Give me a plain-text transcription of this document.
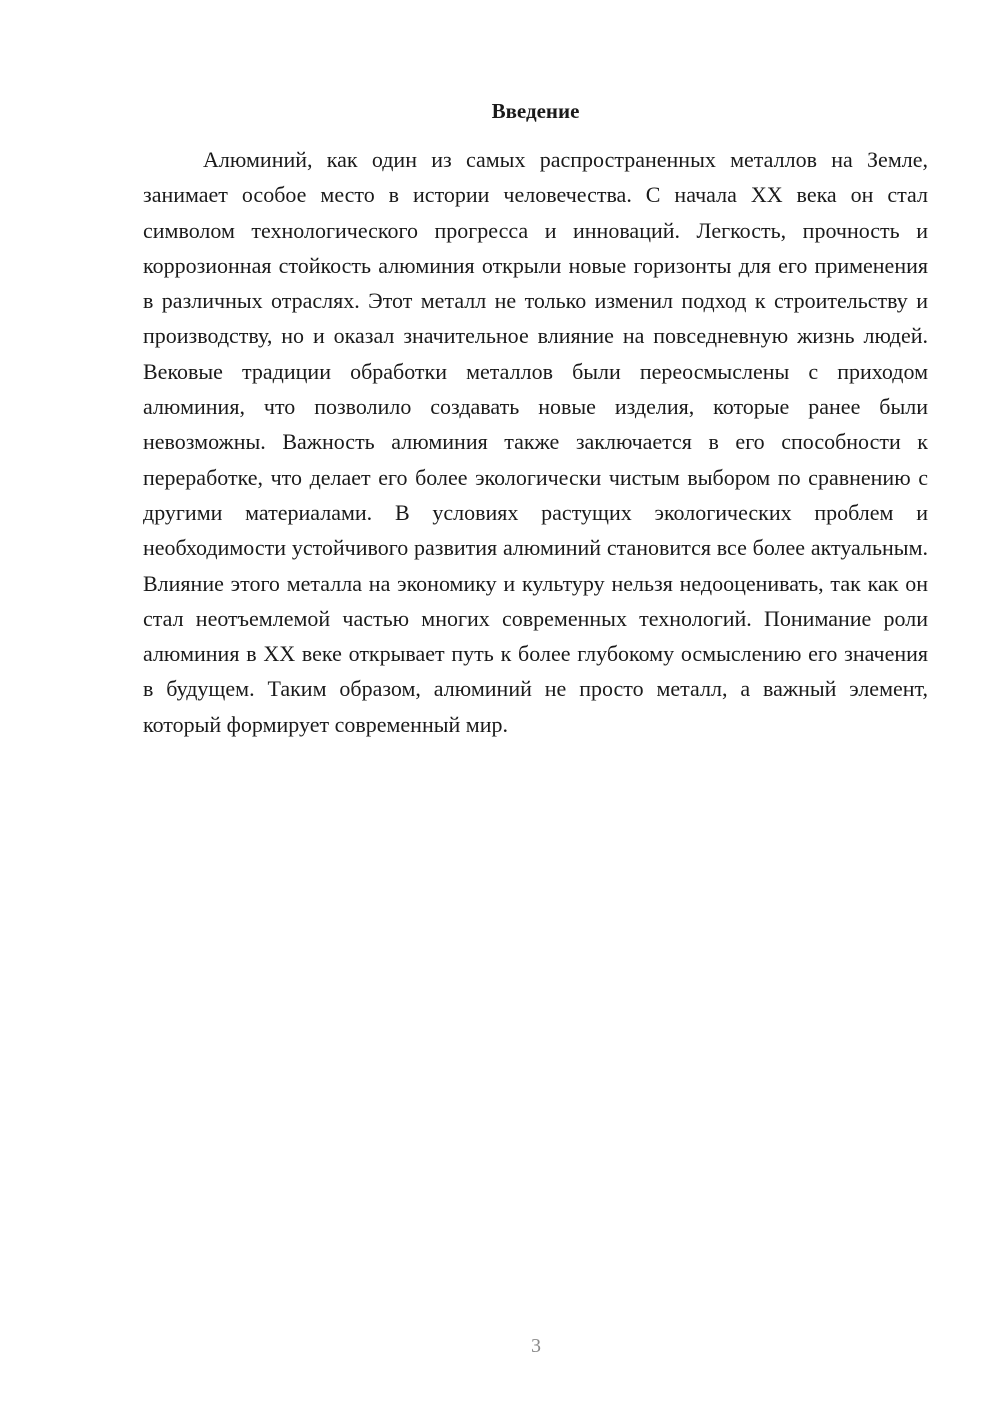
Введение

Алюминий, как один из самых распространенных металлов на Земле, занимает особое место в истории человечества. С начала XX века он стал символом технологического прогресса и инноваций. Легкость, прочность и коррозионная стойкость алюминия открыли новые горизонты для его применения в различных отраслях. Этот металл не только изменил подход к строительству и производству, но и оказал значительное влияние на повседневную жизнь людей. Вековые традиции обработки металлов были переосмыслены с приходом алюминия, что позволило создавать новые изделия, которые ранее были невозможны. Важность алюминия также заключается в его способности к переработке, что делает его более экологически чистым выбором по сравнению с другими материалами. В условиях растущих экологических проблем и необходимости устойчивого развития алюминий становится все более актуальным. Влияние этого металла на экономику и культуру нельзя недооценивать, так как он стал неотъемлемой частью многих современных технологий. Понимание роли алюминия в XX веке открывает путь к более глубокому осмыслению его значения в будущем. Таким образом, алюминий не просто металл, а важный элемент, который формирует современный мир.

3
